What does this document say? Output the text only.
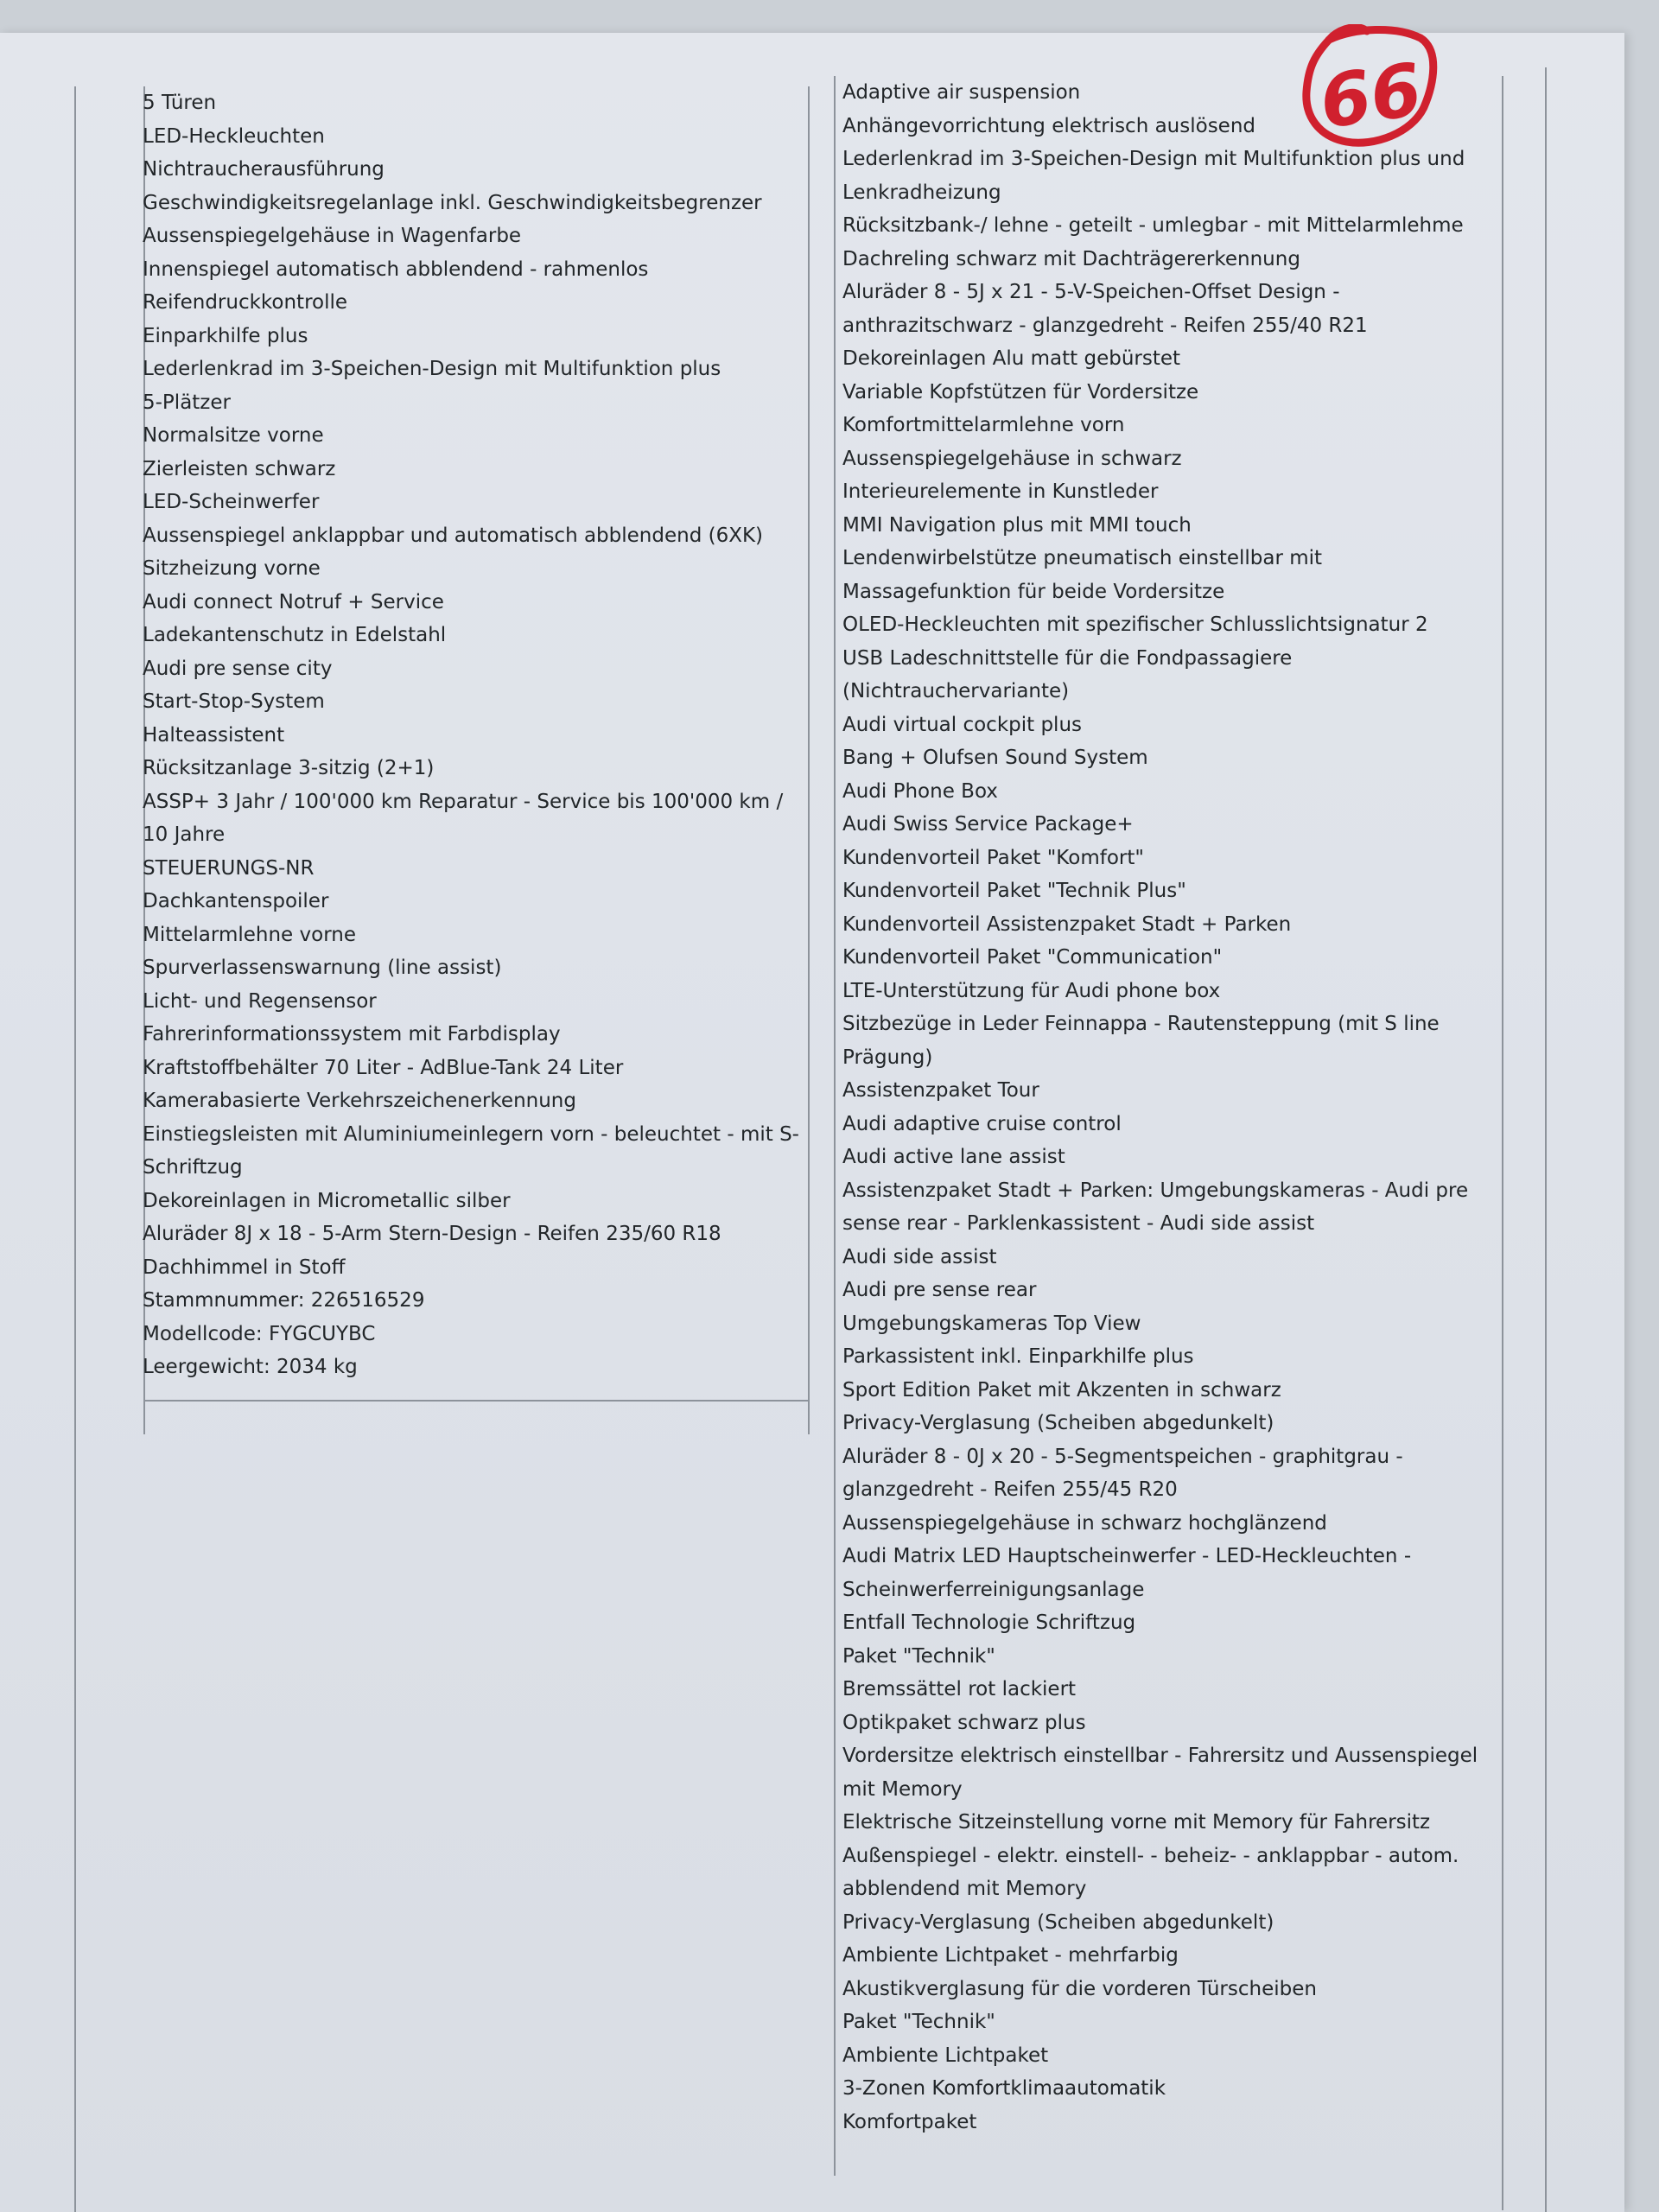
5 Türen
LED-Heckleuchten
Nichtraucherausführung
Geschwindigkeitsregelanlage inkl. Geschwindigkeitsbegrenzer
Aussenspiegelgehäuse in Wagenfarbe
Innenspiegel automatisch abblendend - rahmenlos
Reifendruckkontrolle
Einparkhilfe plus
Lederlenkrad im 3-Speichen-Design mit Multifunktion plus
5-Plätzer
Normalsitze vorne
Zierleisten schwarz
LED-Scheinwerfer
Aussenspiegel anklappbar und automatisch abblendend (6XK)
Sitzheizung vorne
Audi connect Notruf + Service
Ladekantenschutz in Edelstahl
Audi pre sense city
Start-Stop-System
Halteassistent
Rücksitzanlage 3-sitzig (2+1)
ASSP+ 3 Jahr / 100'000 km Reparatur - Service bis 100'000 km / 10 Jahre
STEUERUNGS-NR
Dachkantenspoiler
Mittelarmlehne vorne
Spurverlassenswarnung (line assist)
Licht- und Regensensor
Fahrerinformationssystem mit Farbdisplay
Kraftstoffbehälter 70 Liter - AdBlue-Tank 24 Liter
Kamerabasierte Verkehrszeichenerkennung
Einstiegsleisten mit Aluminiumeinlegern vorn - beleuchtet - mit S-Schriftzug
Dekoreinlagen in Micrometallic silber
Aluräder 8J x 18 - 5-Arm Stern-Design - Reifen 235/60 R18
Dachhimmel in Stoff
Stammnummer: 226516529
Modellcode: FYGCUYBC
Leergewicht: 2034 kg
Adaptive air suspension
Anhängevorrichtung elektrisch auslösend
Lederlenkrad im 3-Speichen-Design mit Multifunktion plus und Lenkradheizung
Rücksitzbank-/ lehne - geteilt - umlegbar - mit Mittelarmlehme
Dachreling schwarz mit Dachträgererkennung
Aluräder 8 - 5J x 21 - 5-V-Speichen-Offset Design - anthrazitschwarz - glanzgedreht - Reifen 255/40 R21
Dekoreinlagen Alu matt gebürstet
Variable Kopfstützen für Vordersitze
Komfortmittelarmlehne vorn
Aussenspiegelgehäuse in schwarz
Interieurelemente in Kunstleder
MMI Navigation plus mit MMI touch
Lendenwirbelstütze pneumatisch einstellbar mit Massagefunktion für beide Vordersitze
OLED-Heckleuchten mit spezifischer Schlusslichtsignatur 2
USB Ladeschnittstelle für die Fondpassagiere (Nichtrauchervariante)
Audi virtual cockpit plus
Bang + Olufsen Sound System
Audi Phone Box
Audi Swiss Service Package+
Kundenvorteil Paket "Komfort"
Kundenvorteil Paket "Technik Plus"
Kundenvorteil Assistenzpaket Stadt + Parken
Kundenvorteil Paket "Communication"
LTE-Unterstützung für Audi phone box
Sitzbezüge in Leder Feinnappa - Rautensteppung (mit S line Prägung)
Assistenzpaket Tour
Audi adaptive cruise control
Audi active lane assist
Assistenzpaket Stadt + Parken: Umgebungskameras - Audi pre sense rear - Parklenkassistent - Audi side assist
Audi side assist
Audi pre sense rear
Umgebungskameras Top View
Parkassistent inkl. Einparkhilfe plus
Sport Edition Paket mit Akzenten in schwarz
Privacy-Verglasung (Scheiben abgedunkelt)
Aluräder 8 - 0J x 20 - 5-Segmentspeichen - graphitgrau - glanzgedreht - Reifen 255/45 R20
Aussenspiegelgehäuse in schwarz hochglänzend
Audi Matrix LED Hauptscheinwerfer - LED-Heckleuchten - Scheinwerferreinigungsanlage
Entfall Technologie Schriftzug
Paket "Technik"
Bremssättel rot lackiert
Optikpaket schwarz plus
Vordersitze elektrisch einstellbar - Fahrersitz und Aussenspiegel mit Memory
Elektrische Sitzeinstellung vorne mit Memory für Fahrersitz
Außenspiegel - elektr. einstell- - beheiz- - anklappbar - autom. abblendend mit Memory
Privacy-Verglasung (Scheiben abgedunkelt)
Ambiente Lichtpaket - mehrfarbig
Akustikverglasung für die vorderen Türscheiben
Paket "Technik"
Ambiente Lichtpaket
3-Zonen Komfortklimaautomatik
Komfortpaket
66
